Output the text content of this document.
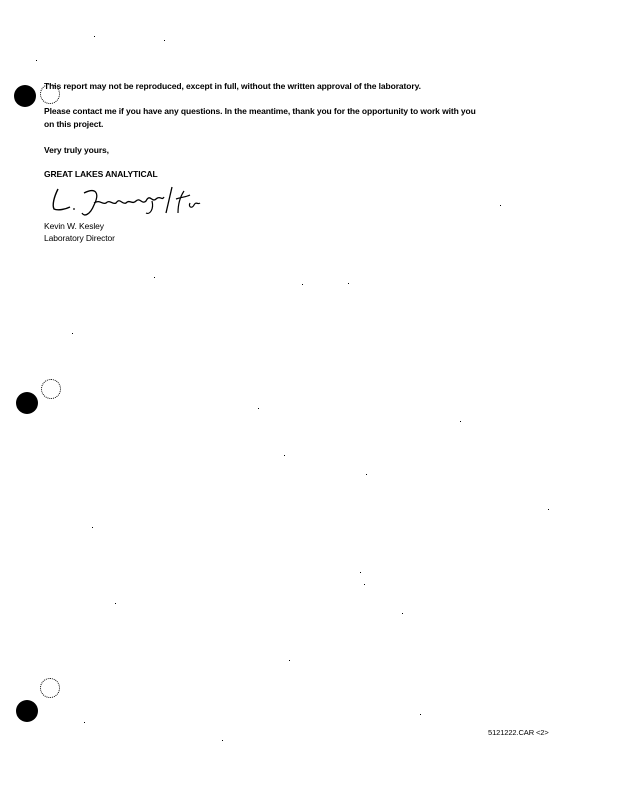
This report may not be reproduced, except in full, without the written approval of the laboratory.
Please contact me if you have any questions. In the meantime, thank you for the opportunity to work with you
on this project.
Very truly yours,
GREAT LAKES ANALYTICAL
Kevin W. Kesley
Laboratory Director
5121222.CAR <2>
